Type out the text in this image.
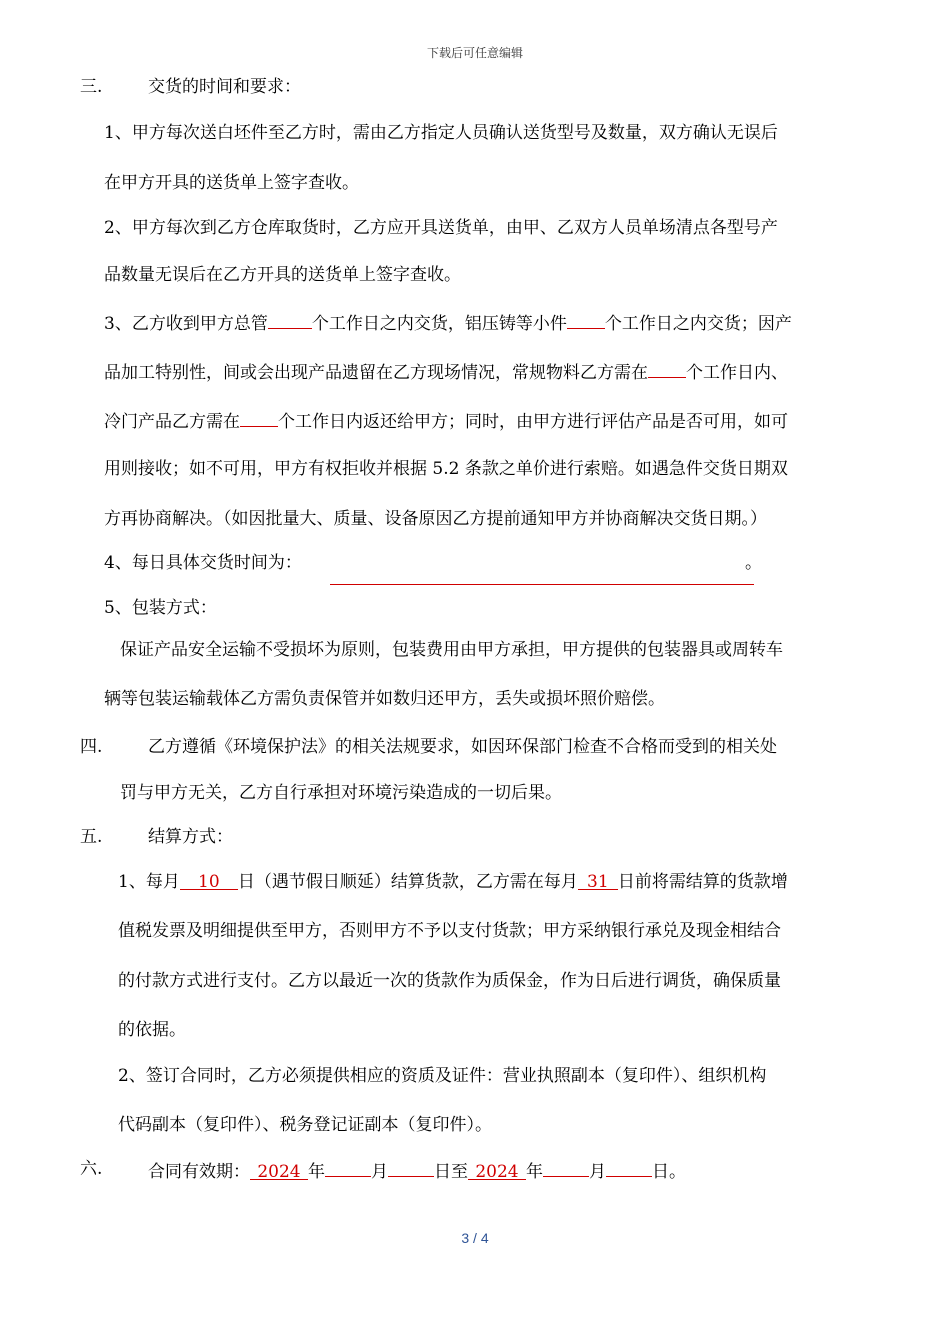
下载后可任意编辑
三.	交货的时间和要求：
1、甲方每次送白坯件至乙方时，需由乙方指定人员确认送货型号及数量，双方确认无误后
在甲方开具的送货单上签字查收。
2、甲方每次到乙方仓库取货时，乙方应开具送货单，由甲、乙双方人员单场清点各型号产
品数量无误后在乙方开具的送货单上签字查收。
3、乙方收到甲方总管	个工作日之内交货，铝压铸等小件 个工作日之内交货；因产
品加工特别性，间或会出现产品遗留在乙方现场情况，常规物料乙方需在 个工作日内、
冷门产品乙方需在 个工作日内返还给甲方；同时，由甲方进行评估产品是否可用，如可
用则接收；如不可用，甲方有权拒收并根据 5.2 条款之单价进行索赔。如遇急件交货日期双
方再协商解决。（如因批量大、质量、设备原因乙方提前通知甲方并协商解决交货日期。）
4、每日具体交货时间为：	。
5、包装方式：
保证产品安全运输不受损坏为原则，包装费用由甲方承担，甲方提供的包装器具或周转车
辆等包装运输载体乙方需负责保管并如数归还甲方，丢失或损坏照价赔偿。
四.	乙方遵循《环境保护法》的相关法规要求，如因环保部门检查不合格而受到的相关处
罚与甲方无关，乙方自行承担对环境污染造成的一切后果。
五.	结算方式：
1、每月 10 日（遇节假日顺延）结算货款，乙方需在每月 31 日前将需结算的货款增
值税发票及明细提供至甲方，否则甲方不予以支付货款；甲方采纳银行承兑及现金相结合
的付款方式进行支付。乙方以最近一次的货款作为质保金，作为日后进行调货，确保质量
的依据。
2、签订合同时，乙方必须提供相应的资质及证件：营业执照副本（复印件）、组织机构
代码副本（复印件）、税务登记证副本（复印件）。
六.	合同有效期： 2024 年	月	日至 2024 年	月	日。
3 / 4
